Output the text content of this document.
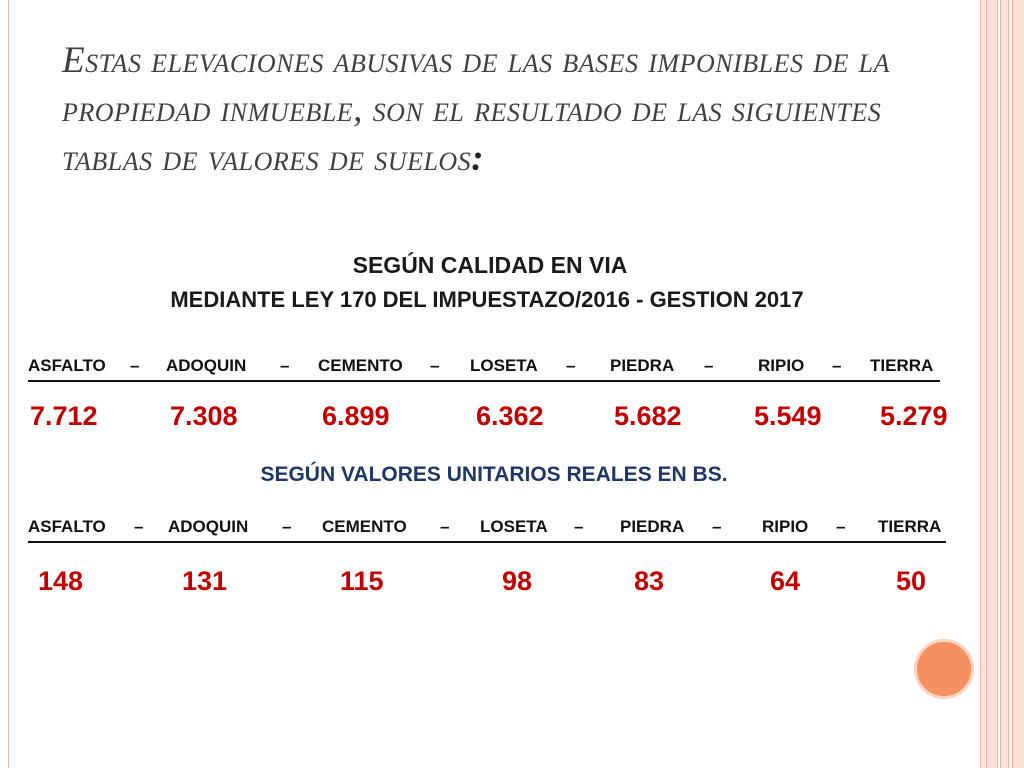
Estas elevaciones abusivas de las bases imponibles de la propiedad inmueble, son el resultado de las siguientes tablas de valores de suelos:
SEGÚN CALIDAD EN VIA
MEDIANTE LEY 170 DEL IMPUESTAZO/2016 - GESTION 2017
ASFALTO – ADOQUIN – CEMENTO – LOSETA – PIEDRA –	RIPIO – TIERRA
7.712	7.308	6.899	6.362	5.682	5.549 5.279
SEGÚN VALORES UNITARIOS REALES EN BS.
ASFALTO – ADOQUIN – CEMENTO – LOSETA – PIEDRA – RIPIO – TIERRA
148	131	115	98	83	64	50
